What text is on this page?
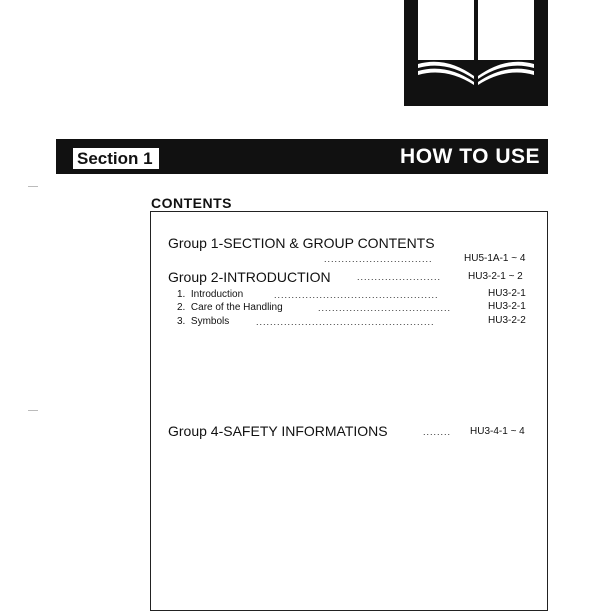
Section 1	HOW TO USE
CONTENTS
Group 1-SECTION & GROUP CONTENTS
...............................	HU5-1A-1 ~ 4
Group 2-INTRODUCTION	........................	HU3-2-1 ~ 2
1. Introduction	...............................................	HU3-2-1
2. Care of the Handling	......................................	HU3-2-1
3. Symbols	...................................................	HU3-2-2
Group 4-SAFETY INFORMATIONS	........ HU3-4-1 ~ 4
